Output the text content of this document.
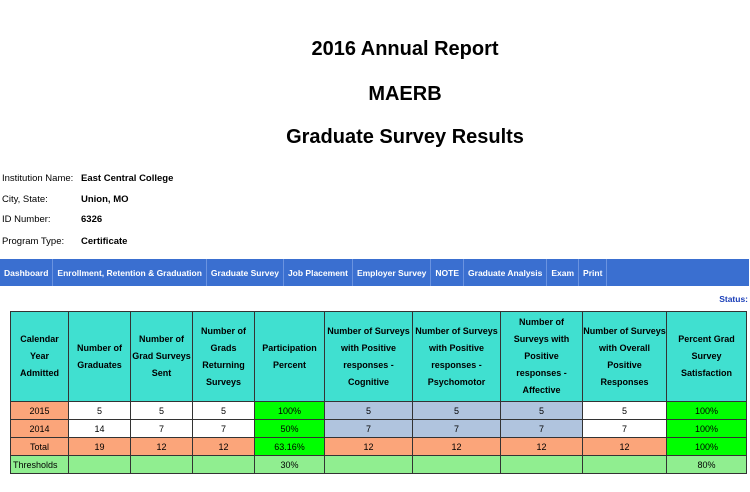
2016 Annual Report
MAERB
Graduate Survey Results
Institution Name: East Central College
City, State:	Union, MO
ID Number:	6326
Program Type: Certificate
Dashboard	Enrollment, Retention & Graduation	Graduate Survey	Job Placement	Employer Survey	NOTE	Graduate Analysis	Exam	Print
Status:
Calendar Year Admitted	Number of Graduates	Number of Grad Surveys Sent	Number of Grads Returning Surveys	Participation Percent	Number of Surveys with Positive responses - Cognitive	Number of Surveys with Positive responses - Psychomotor	Number of Surveys with Positive responses - Affective	Number of Surveys with Overall Positive Responses	Percent Grad Survey Satisfaction
2015	5	5	5	100%	5	5	5	5	100%
2014	14	7	7	50%	7	7	7	7	100%
Total	19	12	12	63.16%	12	12	12	12	100%
Thresholds				30%					80%
